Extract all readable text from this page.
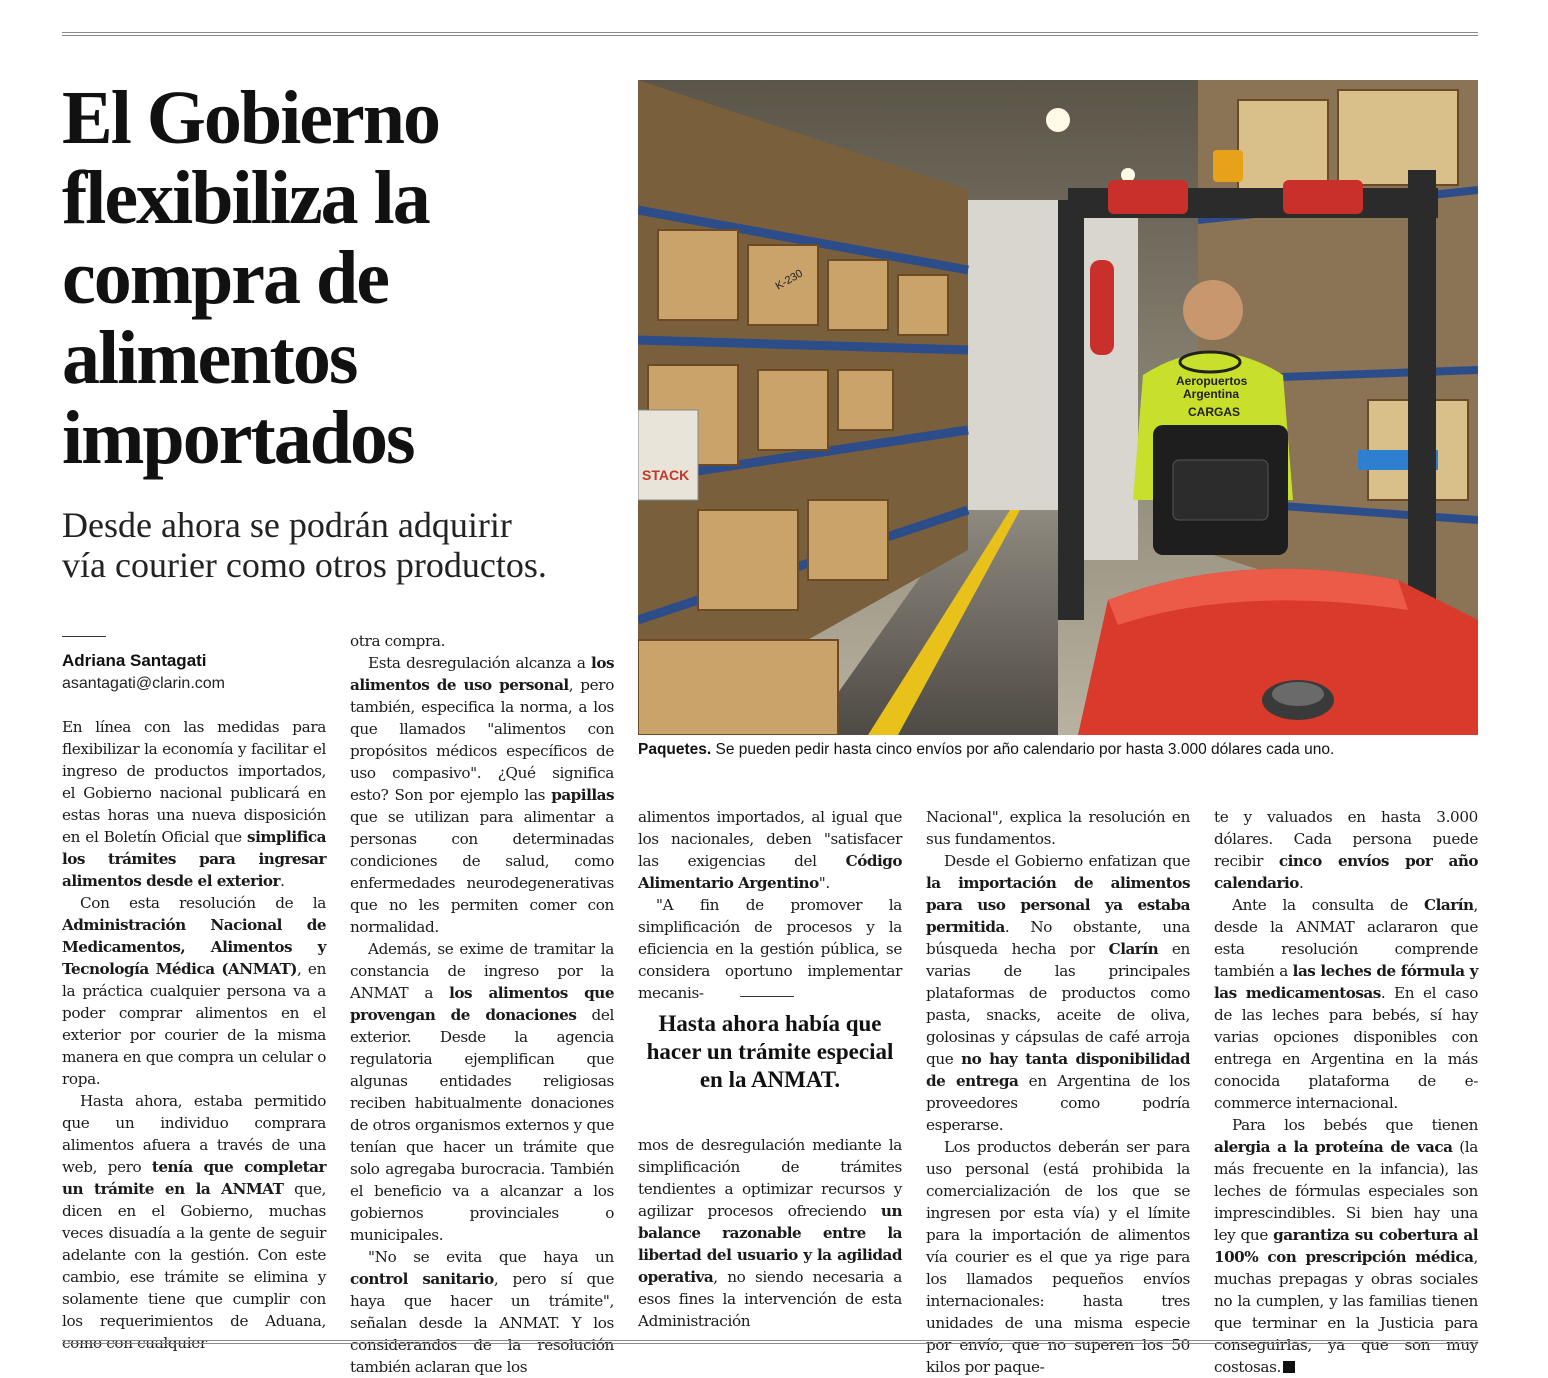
El Gobierno
flexibiliza la
compra de
alimentos
importados

Desde ahora se podrán adquirir
vía courier como otros productos.

STACK
K-230
Aeropuertos
Argentina
CARGAS
Paquetes. Se pueden pedir hasta cinco envíos por año calendario por hasta 3.000 dólares cada uno.
Adriana Santagati
asantagati@clarin.com

En línea con las medidas para flexibilizar la economía y facilitar el ingreso de productos importados, el Gobierno nacional publicará en estas horas una nueva disposición en el Boletín Oficial que simplifica los trámites para ingresar alimentos desde el exterior.

Con esta resolución de la Administración Nacional de Medicamentos, Alimentos y Tecnología Médica (ANMAT), en la práctica cualquier persona va a poder comprar alimentos en el exterior por courier de la misma manera en que compra un celular o ropa.

Hasta ahora, estaba permitido que un individuo comprara alimentos afuera a través de una web, pero tenía que completar un trámite en la ANMAT que, dicen en el Gobierno, muchas veces disuadía a la gente de seguir adelante con la gestión. Con este cambio, ese trámite se elimina y solamente tiene que cumplir con los requerimientos de Aduana, como con cualquier

otra compra.

Esta desregulación alcanza a los alimentos de uso personal, pero también, especifica la norma, a los que llamados "alimentos con propósitos médicos específicos de uso compasivo". ¿Qué significa esto? Son por ejemplo las papillas que se utilizan para alimentar a personas con determinadas condiciones de salud, como enfermedades neurodegenerativas que no les permiten comer con normalidad.

Además, se exime de tramitar la constancia de ingreso por la ANMAT a los alimentos que provengan de donaciones del exterior. Desde la agencia regulatoria ejemplifican que algunas entidades religiosas reciben habitualmente donaciones de otros organismos externos y que tenían que hacer un trámite que solo agregaba burocracia. También el beneficio va a alcanzar a los gobiernos provinciales o municipales.

"No se evita que haya un control sanitario, pero sí que haya que hacer un trámite", señalan desde la ANMAT. Y los considerandos de la resolución también aclaran que los

alimentos importados, al igual que los nacionales, deben "satisfacer las exigencias del Código Alimentario Argentino".

"A fin de promover la simplificación de procesos y la eficiencia en la gestión pública, se considera oportuno implementar mecanis-

Hasta ahora había que hacer un trámite especial en la ANMAT.

mos de desregulación mediante la simplificación de trámites tendientes a optimizar recursos y agilizar procesos ofreciendo un balance razonable entre la libertad del usuario y la agilidad operativa, no siendo necesaria a esos fines la intervención de esta Administración

Nacional", explica la resolución en sus fundamentos.

Desde el Gobierno enfatizan que la importación de alimentos para uso personal ya estaba permitida. No obstante, una búsqueda hecha por Clarín en varias de las principales plataformas de productos como pasta, snacks, aceite de oliva, golosinas y cápsulas de café arroja que no hay tanta disponibilidad de entrega en Argentina de los proveedores como podría esperarse.

Los productos deberán ser para uso personal (está prohibida la comercialización de los que se ingresen por esta vía) y el límite para la importación de alimentos vía courier es el que ya rige para los llamados pequeños envíos internacionales: hasta tres unidades de una misma especie por envío, que no superen los 50 kilos por paque-

te y valuados en hasta 3.000 dólares. Cada persona puede recibir cinco envíos por año calendario.

Ante la consulta de Clarín, desde la ANMAT aclararon que esta resolución comprende también a las leches de fórmula y las medicamentosas. En el caso de las leches para bebés, sí hay varias opciones disponibles con entrega en Argentina en la más conocida plataforma de e-commerce internacional.

Para los bebés que tienen alergia a la proteína de vaca (la más frecuente en la infancia), las leches de fórmulas especiales son imprescindibles. Si bien hay una ley que garantiza su cobertura al 100% con prescripción médica, muchas prepagas y obras sociales no la cumplen, y las familias tienen que terminar en la Justicia para conseguirlas, ya que son muy costosas.
